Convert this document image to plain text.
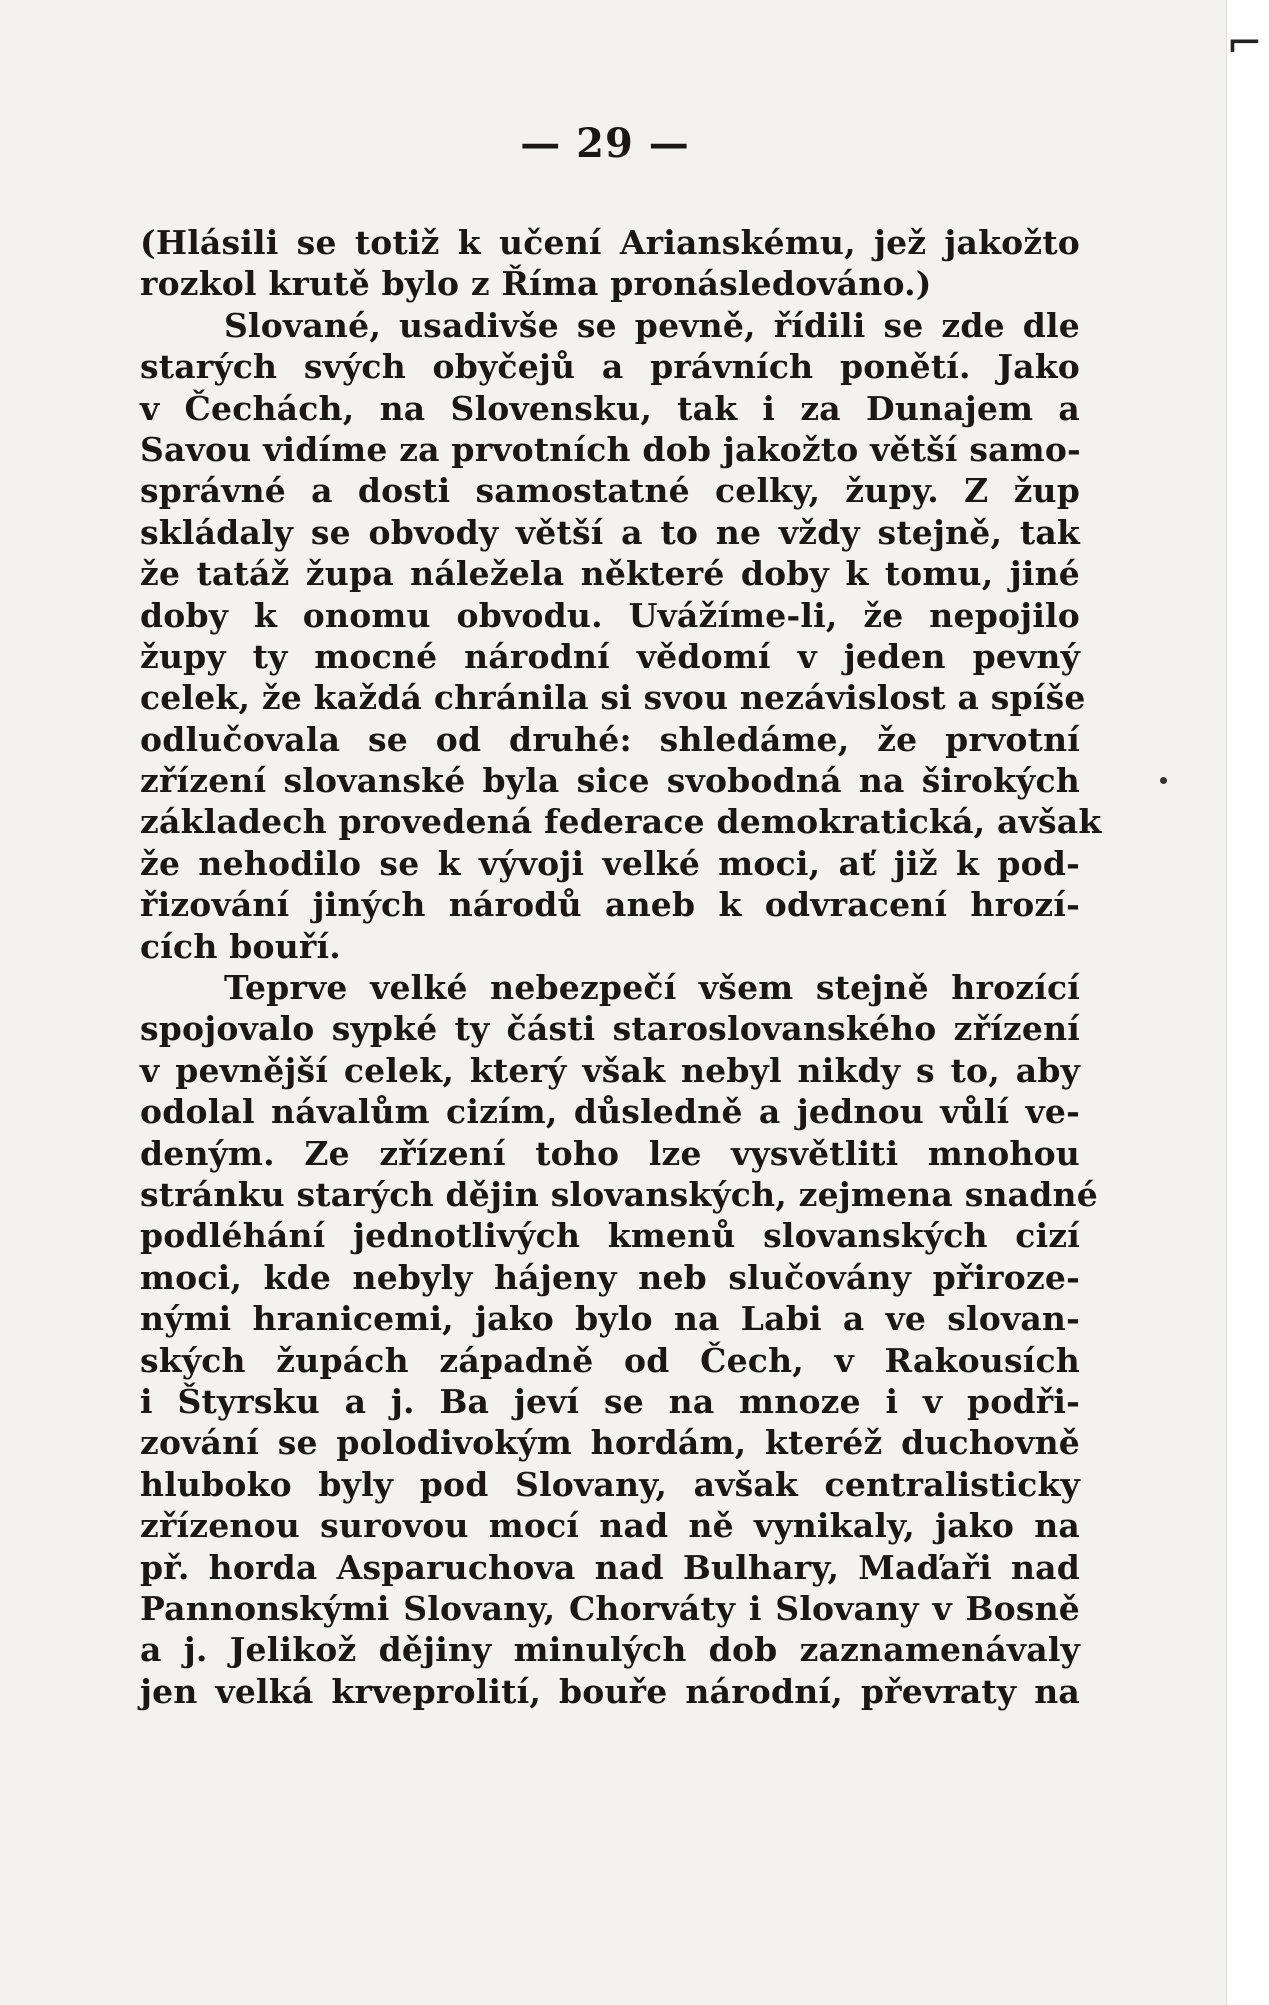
⌐
— 29 —
(Hlásili se totiž k učení Arianskému, jež jakožto
rozkol krutě bylo z Říma pronásledováno.)
Slované, usadivše se pevně, řídili se zde dle
starých svých obyčejů a právních ponětí. Jako
v Čechách, na Slovensku, tak i za Dunajem a
Savou vidíme za prvotních dob jakožto větší samo-
správné a dosti samostatné celky, župy. Z žup
skládaly se obvody větší a to ne vždy stejně, tak
že tatáž župa náležela některé doby k tomu, jiné
doby k onomu obvodu. Uvážíme-li, že nepojilo
župy ty mocné národní vědomí v jeden pevný
celek, že každá chránila si svou nezávislost a spíše
odlučovala se od druhé: shledáme, že prvotní
zřízení slovanské byla sice svobodná na širokých
základech provedená federace demokratická, avšak
že nehodilo se k vývoji velké moci, ať již k pod-
řizování jiných národů aneb k odvracení hrozí-
cích bouří.
Teprve velké nebezpečí všem stejně hrozící
spojovalo sypké ty části staroslovanského zřízení
v pevnější celek, který však nebyl nikdy s to, aby
odolal návalům cizím, důsledně a jednou vůlí ve-
deným. Ze zřízení toho lze vysvětliti mnohou
stránku starých dějin slovanských, zejmena snadné
podléhání jednotlivých kmenů slovanských cizí
moci, kde nebyly hájeny neb slučovány přiroze-
nými hranicemi, jako bylo na Labi a ve slovan-
ských župách západně od Čech, v Rakousích
i Štyrsku a j. Ba jeví se na mnoze i v podři-
zování se polodivokým hordám, kteréž duchovně
hluboko byly pod Slovany, avšak centralisticky
zřízenou surovou mocí nad ně vynikaly, jako na
př. horda Asparuchova nad Bulhary, Maďaři nad
Pannonskými Slovany, Chorváty i Slovany v Bosně
a j. Jelikož dějiny minulých dob zaznamenávaly
jen velká krveprolití, bouře národní, převraty na
